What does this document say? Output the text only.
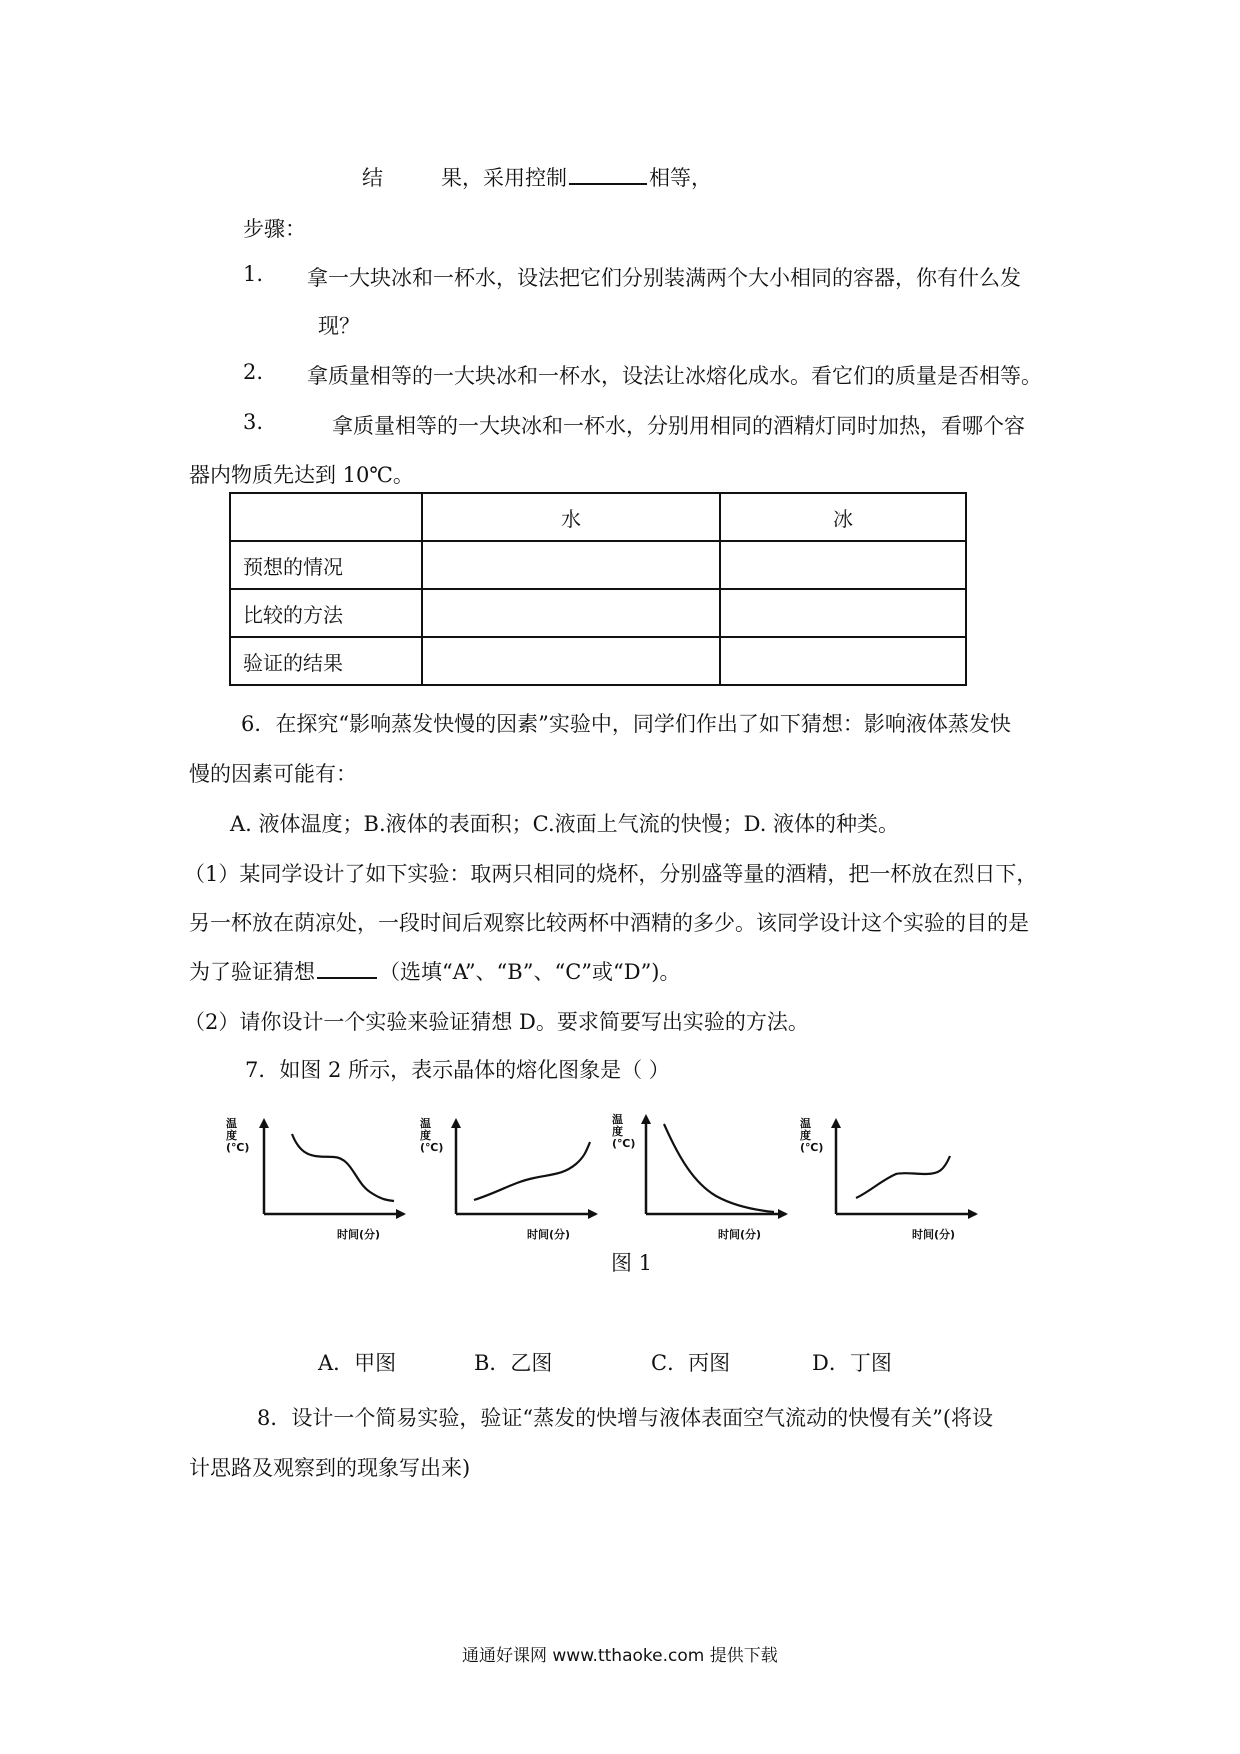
结	果，采用控制	相等，
步骤：
1. 拿一大块冰和一杯水，设法把它们分别装满两个大小相同的容器，你有什么发
现？
2. 拿质量相等的一大块冰和一杯水，设法让冰熔化成水。看它们的质量是否相等。
3.	拿质量相等的一大块冰和一杯水，分别用相同的酒精灯同时加热，看哪个容
器内物质先达到 10℃。
	水	冰
预想的情况		
比较的方法		
验证的结果		
6．在探究“影响蒸发快慢的因素”实验中，同学们作出了如下猜想：影响液体蒸发快
慢的因素可能有：
A. 液体温度；B.液体的表面积；C.液面上气流的快慢；D. 液体的种类。
（1）某同学设计了如下实验：取两只相同的烧杯，分别盛等量的酒精，把一杯放在烈日下，
另一杯放在荫凉处，一段时间后观察比较两杯中酒精的多少。该同学设计这个实验的目的是
为了验证猜想	（选填“A”、“B”、“C”或“D”)。
（2）请你设计一个实验来验证猜想 D。要求简要写出实验的方法。
7．如图 2 所示，表示晶体的熔化图象是（ ）
温度(℃)
时间(分)
温度(℃)
时间(分)
温度(℃)
时间(分)
温度(℃)
时间(分)
图 1
A．甲图	B．乙图	C．丙图	D．丁图
8．设计一个简易实验，验证“蒸发的快增与液体表面空气流动的快慢有关”(将设
计思路及观察到的现象写出来)
通通好课网 www.tthaoke.com 提供下载
